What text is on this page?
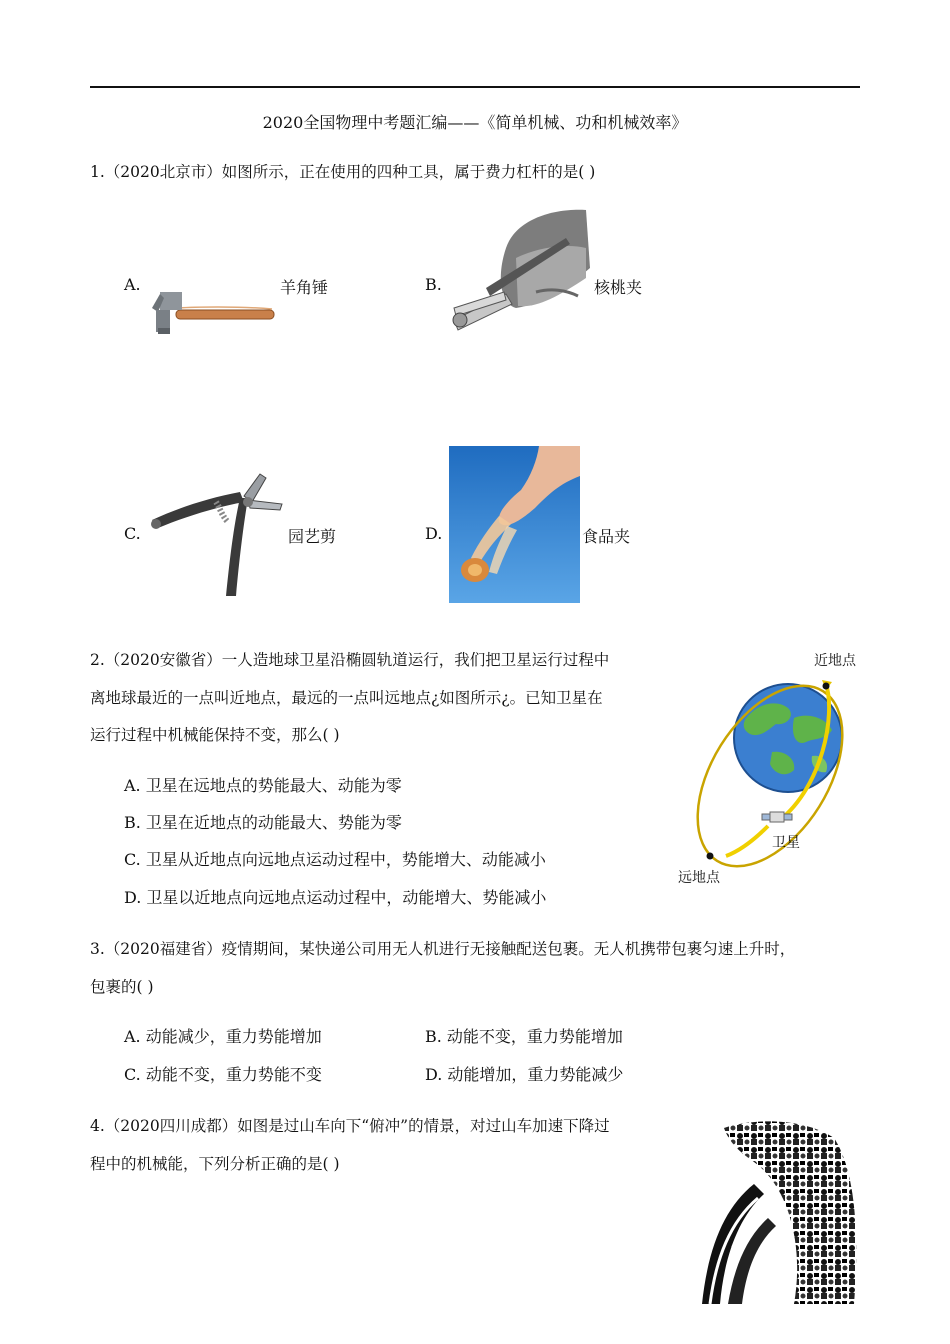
2020全国物理中考题汇编——《简单机械、功和机械效率》
1.（2020北京市）如图所示，正在使用的四种工具，属于费力杠杆的是( )
A.	羊角锤	B.	核桃夹
C.	园艺剪	D.	食品夹
2.（2020安徽省）一人造地球卫星沿椭圆轨道运行，我们把卫星运行过程中
离地球最近的一点叫近地点，最远的一点叫远地点¿如图所示¿。已知卫星在
运行过程中机械能保持不变，那么( )
A. 卫星在远地点的势能最大、动能为零
B. 卫星在近地点的动能最大、势能为零
C. 卫星从近地点向远地点运动过程中，势能增大、动能减小
D. 卫星以近地点向远地点运动过程中，动能增大、势能减小
近地点
卫星
远地点
3.（2020福建省）疫情期间，某快递公司用无人机进行无接触配送包裹。无人机携带包裹匀速上升时，
包裹的( )
A. 动能减少，重力势能增加	B. 动能不变，重力势能增加
C. 动能不变，重力势能不变	D. 动能增加，重力势能减少
4.（2020四川成都）如图是过山车向下“俯冲”的情景，对过山车加速下降过
程中的机械能，下列分析正确的是( )
